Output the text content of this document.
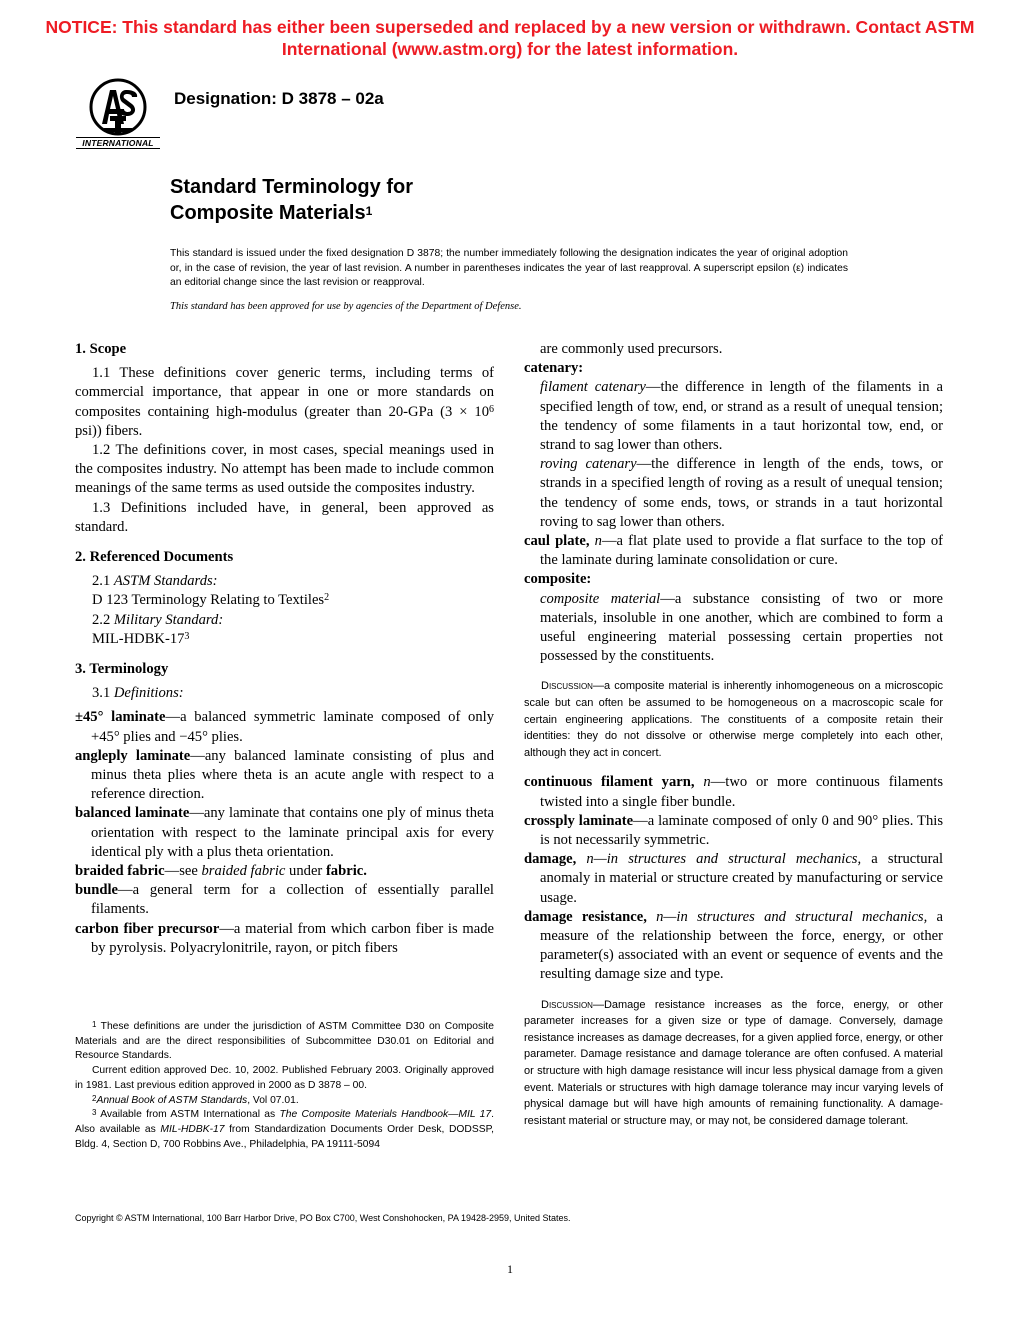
NOTICE: This standard has either been superseded and replaced by a new version or withdrawn. Contact ASTM
International (www.astm.org) for the latest information.
INTERNATIONAL
Designation: D 3878 – 02a
Standard Terminology for
Composite Materials$^1$
This standard is issued under the fixed designation D 3878; the number immediately following the designation indicates the year of original adoption or, in the case of revision, the year of last revision. A number in parentheses indicates the year of last reapproval. A superscript epsilon (ε) indicates an editorial change since the last revision or reapproval.
This standard has been approved for use by agencies of the Department of Defense.
1. Scope

1.1 These definitions cover generic terms, including terms of commercial importance, that appear in one or more standards on composites containing high-modulus (greater than 20-GPa ($3 \times 10^6$ psi)) fibers.

1.2 The definitions cover, in most cases, special meanings used in the composites industry. No attempt has been made to include common meanings of the same terms as used outside the composites industry.

1.3 Definitions included have, in general, been approved as standard.

2. Referenced Documents

2.1 ASTM Standards:

D 123 Terminology Relating to Textiles$^2$

2.2 Military Standard:

MIL-$HDBK-17^3$

3. Terminology

3.1 Definitions:

±45° laminate—a balanced symmetric laminate composed of only +45° plies and −45° plies.

angleply laminate—any balanced laminate consisting of plus and minus theta plies where theta is an acute angle with respect to a reference direction.

balanced laminate—any laminate that contains one ply of minus theta orientation with respect to the laminate principal axis for every identical ply with a plus theta orientation.

braided fabric—see braided fabric under fabric.

bundle—a general term for a collection of essentially parallel filaments.

carbon fiber precursor—a material from which carbon fiber is made by pyrolysis. Polyacrylonitrile, rayon, or pitch fibers

are commonly used precursors.

catenary:

filament catenary—the difference in length of the filaments in a specified length of tow, end, or strand as a result of unequal tension; the tendency of some filaments in a taut horizontal tow, end, or strand to sag lower than others.

roving catenary—the difference in length of the ends, tows, or strands in a specified length of roving as a result of unequal tension; the tendency of some ends, tows, or strands in a taut horizontal roving to sag lower than others.

caul plate, n—a flat plate used to provide a flat surface to the top of the laminate during laminate consolidation or cure.

composite:

composite material—a substance consisting of two or more materials, insoluble in one another, which are combined to form a useful engineering material possessing certain properties not possessed by the constituents.

Discussion—a composite material is inherently inhomogeneous on a microscopic scale but can often be assumed to be homogeneous on a macroscopic scale for certain engineering applications. The constituents of a composite retain their identities: they do not dissolve or otherwise merge completely into each other, although they act in concert.

continuous filament yarn, n—two or more continuous filaments twisted into a single fiber bundle.

crossply laminate—a laminate composed of only 0 and 90° plies. This is not necessarily symmetric.

damage, n—in structures and structural mechanics, a structural anomaly in material or structure created by manufacturing or service usage.

damage resistance, n—in structures and structural mechanics, a measure of the relationship between the force, energy, or other parameter(s) associated with an event or sequence of events and the resulting damage size and type.

Discussion—Damage resistance increases as the force, energy, or other parameter increases for a given size or type of damage. Conversely, damage resistance increases as damage decreases, for a given applied force, energy, or other parameter. Damage resistance and damage tolerance are often confused. A material or structure with high damage resistance will incur less physical damage from a given event. Materials or structures with high damage tolerance may incur varying levels of physical damage but will have high amounts of remaining functionality. A damage-resistant material or structure may, or may not, be considered damage tolerant.

$^1$ These definitions are under the jurisdiction of ASTM Committee D30 on Composite Materials and are the direct responsibilities of Subcommittee D30.01 on Editorial and Resource Standards.

Current edition approved Dec. 10, 2002. Published February 2003. Originally approved in 1981. Last previous edition approved in 2000 as D 3878 – 00.

$^2$Annual Book of ASTM Standards, Vol 07.01.

$^3$ Available from ASTM International as The Composite Materials Handbook—MIL 17. Also available as MIL-HDBK-17 from Standardization Documents Order Desk, DODSSP, Bldg. 4, Section D, 700 Robbins Ave., Philadelphia, PA 19111-5094

Copyright © ASTM International, 100 Barr Harbor Drive, PO Box C700, West Conshohocken, PA 19428-2959, United States.
1
